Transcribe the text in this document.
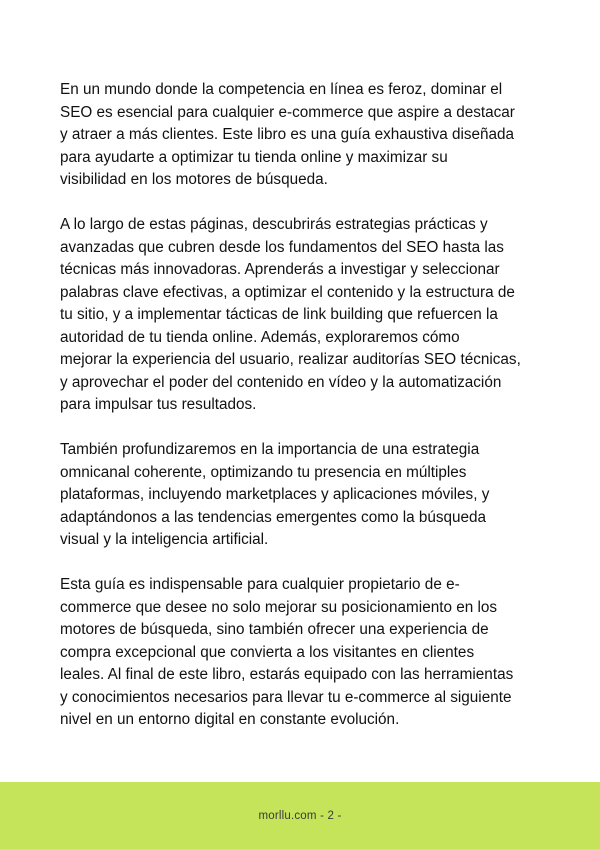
En un mundo donde la competencia en línea es feroz, dominar el
SEO es esencial para cualquier e-commerce que aspire a destacar
y atraer a más clientes. Este libro es una guía exhaustiva diseñada
para ayudarte a optimizar tu tienda online y maximizar su
visibilidad en los motores de búsqueda.

A lo largo de estas páginas, descubrirás estrategias prácticas y
avanzadas que cubren desde los fundamentos del SEO hasta las
técnicas más innovadoras. Aprenderás a investigar y seleccionar
palabras clave efectivas, a optimizar el contenido y la estructura de
tu sitio, y a implementar tácticas de link building que refuercen la
autoridad de tu tienda online. Además, exploraremos cómo
mejorar la experiencia del usuario, realizar auditorías SEO técnicas,
y aprovechar el poder del contenido en vídeo y la automatización
para impulsar tus resultados.

También profundizaremos en la importancia de una estrategia
omnicanal coherente, optimizando tu presencia en múltiples
plataformas, incluyendo marketplaces y aplicaciones móviles, y
adaptándonos a las tendencias emergentes como la búsqueda
visual y la inteligencia artificial.

Esta guía es indispensable para cualquier propietario de e-
commerce que desee no solo mejorar su posicionamiento en los
motores de búsqueda, sino también ofrecer una experiencia de
compra excepcional que convierta a los visitantes en clientes
leales. Al final de este libro, estarás equipado con las herramientas
y conocimientos necesarios para llevar tu e-commerce al siguiente
nivel en un entorno digital en constante evolución.

morllu.com - 2 -
